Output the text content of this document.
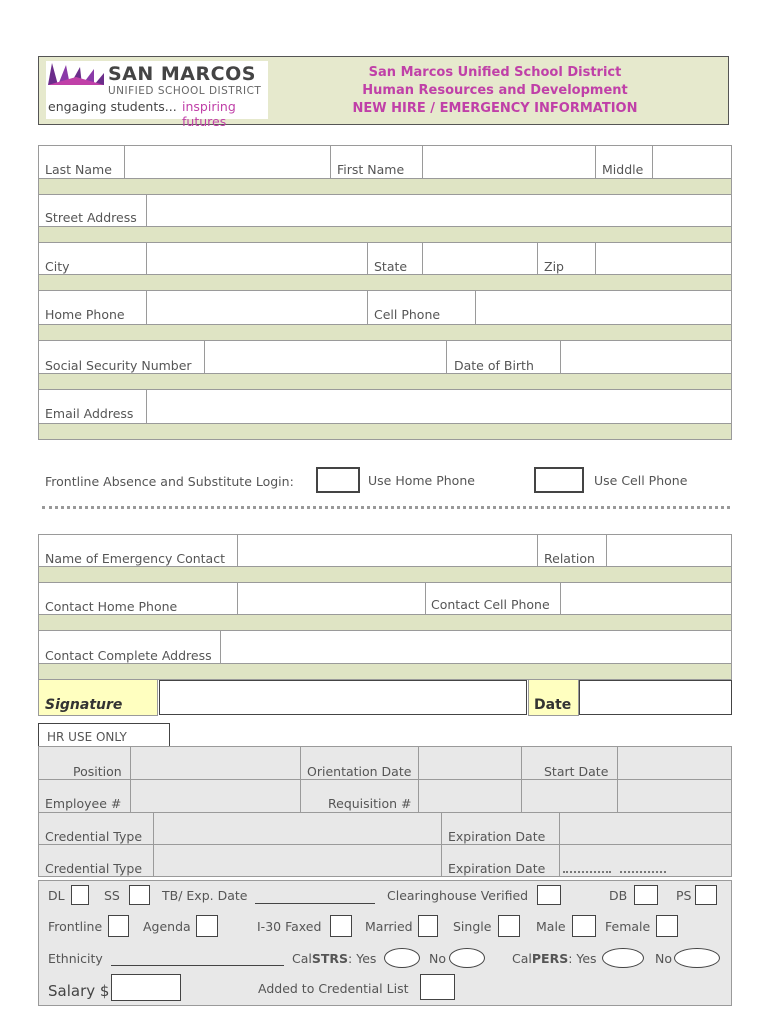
SAN MARCOS
UNIFIED SCHOOL DISTRICT
engaging students... inspiring futures
San Marcos Unified School District
Human Resources and Development
NEW HIRE / EMERGENCY INFORMATION
Last Name	First Name	Middle
Street Address
City	State	Zip
Home Phone	Cell Phone
Social Security Number	Date of Birth
Email Address
Frontline Absence and Substitute Login:	Use Home Phone	Use Cell Phone
Name of Emergency Contact	Relation
Contact Home Phone	Contact Cell Phone
Contact Complete Address
Signature	Date
HR USE ONLY
Position	Orientation Date	Start Date
Employee #	Requisition #
Credential Type	Expiration Date
Credential Type	Expiration Date
DL	SS	TB/ Exp. Date	Clearinghouse Verified	DB	PS
Frontline	Agenda	I-30 Faxed	Married	Single	Male	Female
Ethnicity	CalSTRS: Yes	No	CalPERS: Yes	No
Salary $	Added to Credential List
